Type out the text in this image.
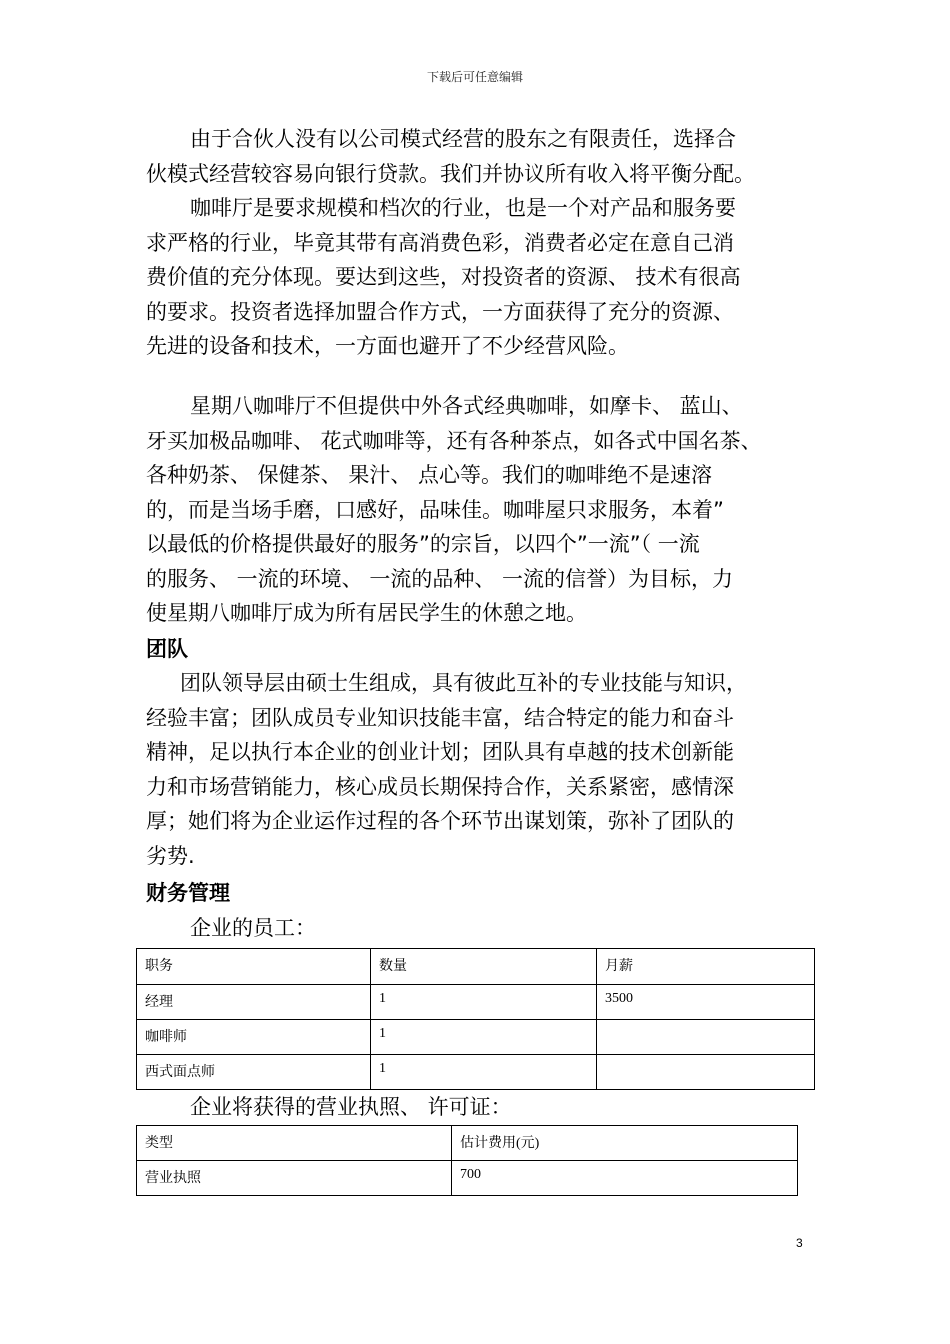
下载后可任意编辑

由于合伙人没有以公司模式经营的股东之有限责任，选择合

伙模式经营较容易向银行贷款。我们并协议所有收入将平衡分配。

咖啡厅是要求规模和档次的行业，也是一个对产品和服务要

求严格的行业，毕竟其带有高消费色彩，消费者必定在意自己消

费价值的充分体现。要达到这些，对投资者的资源、 技术有很高

的要求。投资者选择加盟合作方式，一方面获得了充分的资源、

先进的设备和技术，一方面也避开了不少经营风险。

星期八咖啡厅不但提供中外各式经典咖啡，如摩卡、 蓝山、

牙买加极品咖啡、 花式咖啡等，还有各种茶点，如各式中国名茶、

各种奶茶、 保健茶、 果汁、 点心等。我们的咖啡绝不是速溶

的，而是当场手磨，口感好，品味佳。咖啡屋只求服务，本着”

以最低的价格提供最好的服务”的宗旨，以四个”一流”（ 一流

的服务、 一流的环境、 一流的品种、 一流的信誉）为目标，力

使星期八咖啡厅成为所有居民学生的休憩之地。

团队

团队领导层由硕士生组成，具有彼此互补的专业技能与知识，

经验丰富；团队成员专业知识技能丰富，结合特定的能力和奋斗

精神，足以执行本企业的创业计划；团队具有卓越的技术创新能

力和市场营销能力，核心成员长期保持合作，关系紧密，感情深

厚；她们将为企业运作过程的各个环节出谋划策，弥补了团队的

劣势.

财务管理

企业的员工：
职务	数量	月薪
经理	1	3500
咖啡师	1	
西式面点师	1	
企业将获得的营业执照、 许可证：
类型	估计费用(元)
营业执照	700
3
